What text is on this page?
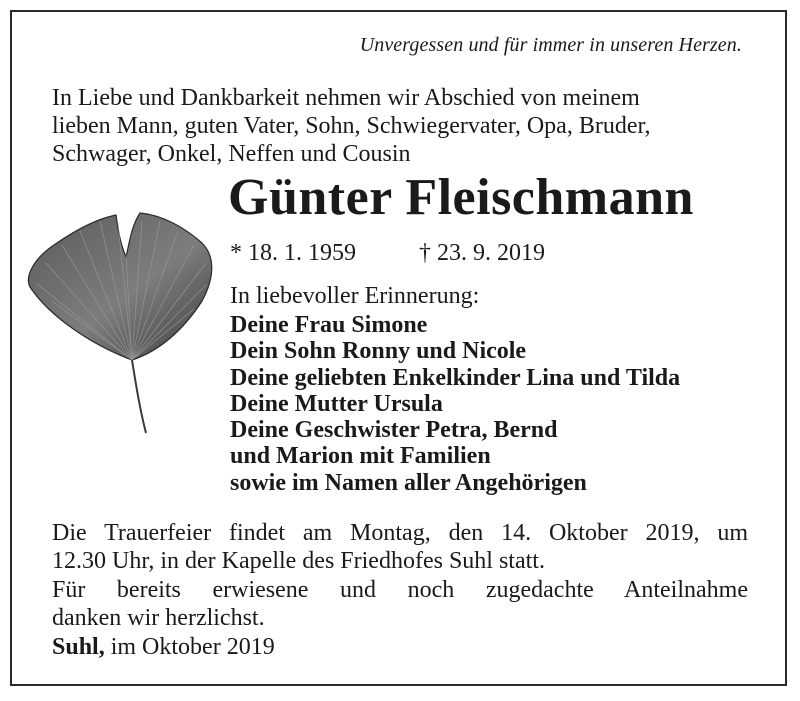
Unvergessen und für immer in unseren Herzen.
In Liebe und Dankbarkeit nehmen wir Abschied von meinem
lieben Mann, guten Vater, Sohn, Schwiegervater, Opa, Bruder,
Schwager, Onkel, Neffen und Cousin
Günter Fleischmann
* 18. 1. 1959	† 23. 9. 2019
In liebevoller Erinnerung:
Deine Frau Simone
Dein Sohn Ronny und Nicole
Deine geliebten Enkelkinder Lina und Tilda
Deine Mutter Ursula
Deine Geschwister Petra, Bernd
und Marion mit Familien
sowie im Namen aller Angehörigen
Die Trauerfeier findet am Montag, den 14. Oktober 2019, um
12.30 Uhr, in der Kapelle des Friedhofes Suhl statt.
Für bereits erwiesene und noch zugedachte Anteilnahme
danken wir herzlichst.
Suhl, im Oktober 2019
